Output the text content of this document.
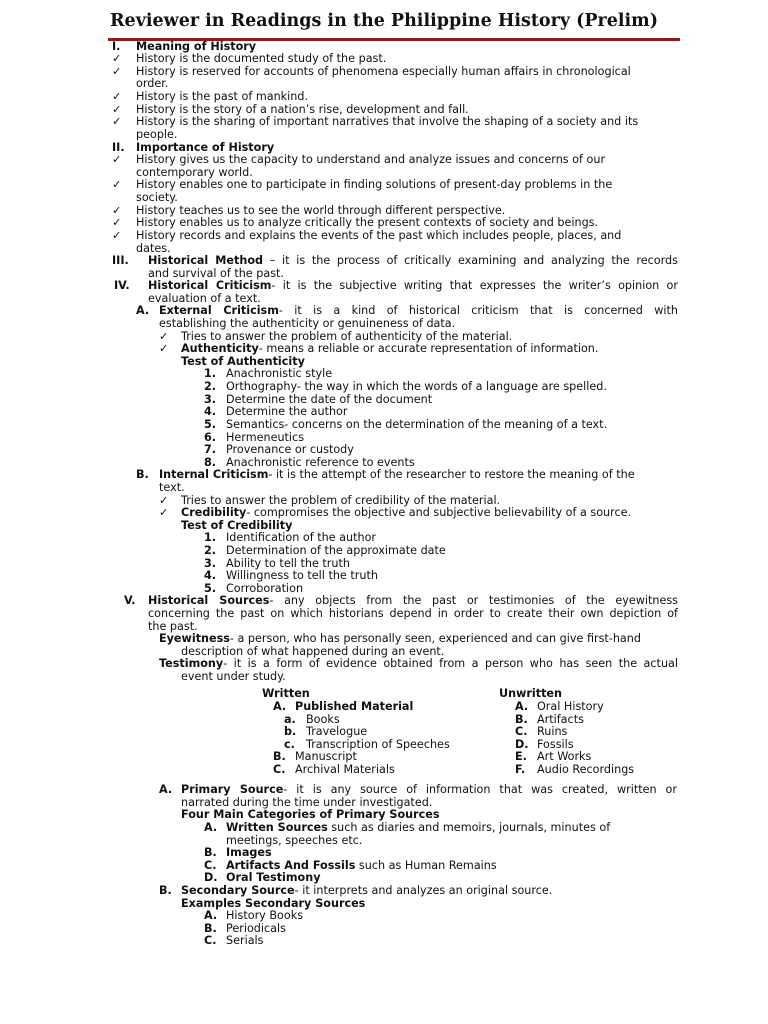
Reviewer in Readings in the Philippine History (Prelim)
I. Meaning of History
✓ History is the documented study of the past.
✓ History is reserved for accounts of phenomena especially human affairs in chronological
order.
✓ History is the past of mankind.
✓ History is the story of a nation’s rise, development and fall.
✓ History is the sharing of important narratives that involve the shaping of a society and its
people.
II. Importance of History
✓ History gives us the capacity to understand and analyze issues and concerns of our
contemporary world.
✓ History enables one to participate in finding solutions of present-day problems in the
society.
✓ History teaches us to see the world through different perspective.
✓ History enables us to analyze critically the present contexts of society and beings.
✓ History records and explains the events of the past which includes people, places, and
dates.
III. Historical Method – it is the process of critically examining and analyzing the records
and survival of the past.
IV. Historical Criticism- it is the subjective writing that expresses the writer’s opinion or
evaluation of a text.
A. External Criticism- it is a kind of historical criticism that is concerned with
establishing the authenticity or genuineness of data.
✓ Tries to answer the problem of authenticity of the material.
✓ Authenticity- means a reliable or accurate representation of information.
Test of Authenticity
1. Anachronistic style
2. Orthography- the way in which the words of a language are spelled.
3. Determine the date of the document
4. Determine the author
5. Semantics- concerns on the determination of the meaning of a text.
6. Hermeneutics
7. Provenance or custody
8. Anachronistic reference to events
B. Internal Criticism- it is the attempt of the researcher to restore the meaning of the
text.
✓ Tries to answer the problem of credibility of the material.
✓ Credibility- compromises the objective and subjective believability of a source.
Test of Credibility
1. Identification of the author
2. Determination of the approximate date
3. Ability to tell the truth
4. Willingness to tell the truth
5. Corroboration
V. Historical Sources- any objects from the past or testimonies of the eyewitness
concerning the past on which historians depend in order to create their own depiction of
the past.
Eyewitness- a person, who has personally seen, experienced and can give first-hand
description of what happened during an event.
Testimony- it is a form of evidence obtained from a person who has seen the actual
event under study.
Written	Unwritten
A. Published Material
a. Books
b. Travelogue
c. Transcription of Speeches
B. Manuscript
C. Archival Materials
A. Oral History
B. Artifacts
C. Ruins
D. Fossils
E. Art Works
F. Audio Recordings
A. Primary Source- it is any source of information that was created, written or
narrated during the time under investigated.
Four Main Categories of Primary Sources
A. Written Sources such as diaries and memoirs, journals, minutes of
meetings, speeches etc.
B. Images
C. Artifacts And Fossils such as Human Remains
D. Oral Testimony
B. Secondary Source- it interprets and analyzes an original source.
Examples Secondary Sources
A. History Books
B. Periodicals
C. Serials
